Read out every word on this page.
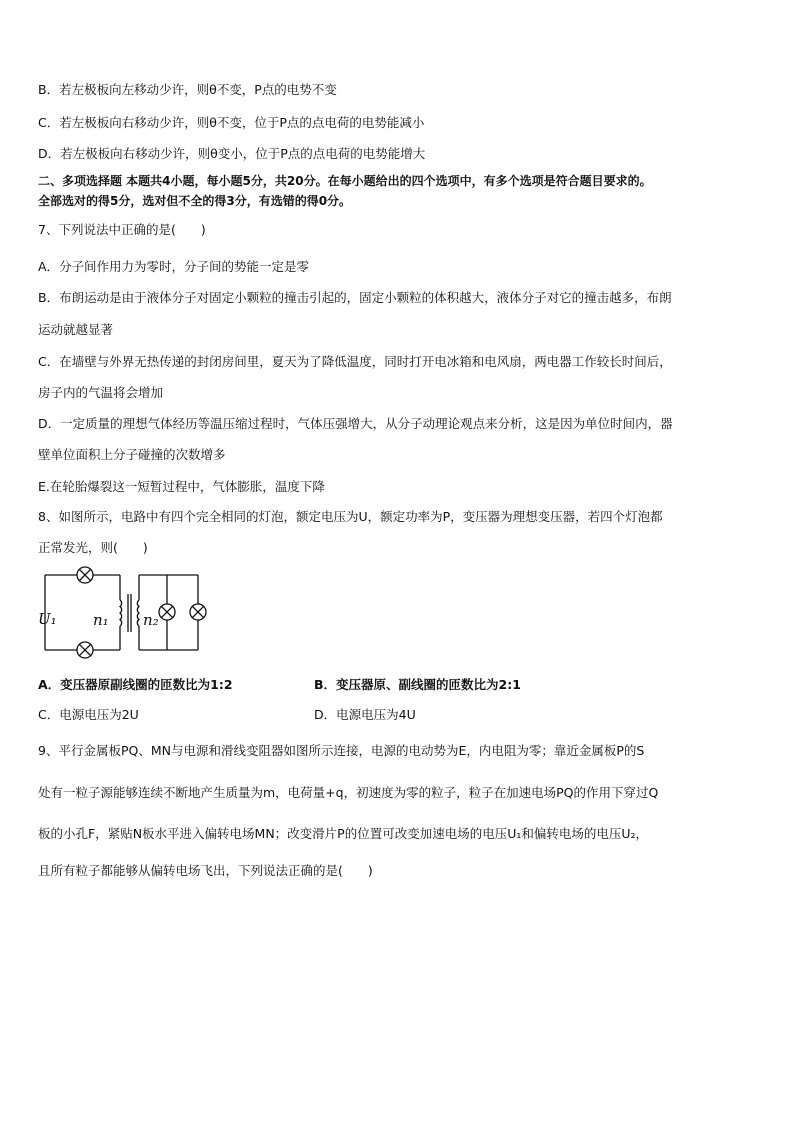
B．若左极板向左移动少许，则θ不变，P点的电势不变
C．若左极板向右移动少许，则θ不变，位于P点的点电荷的电势能减小
D．若左极板向右移动少许，则θ变小，位于P点的点电荷的电势能增大
二、多项选择题 本题共4小题，每小题5分，共20分。在每小题给出的四个选项中，有多个选项是符合题目要求的。
全部选对的得5分，选对但不全的得3分，有选错的得0分。
7、下列说法中正确的是(　　)
A．分子间作用力为零时，分子间的势能一定是零
B．布朗运动是由于液体分子对固定小颗粒的撞击引起的，固定小颗粒的体积越大，液体分子对它的撞击越多，布朗
运动就越显著
C．在墙壁与外界无热传递的封闭房间里，夏天为了降低温度，同时打开电冰箱和电风扇，两电器工作较长时间后，
房子内的气温将会增加
D．一定质量的理想气体经历等温压缩过程时，气体压强增大，从分子动理论观点来分析，这是因为单位时间内，器
壁单位面积上分子碰撞的次数增多
E.在轮胎爆裂这一短暂过程中，气体膨胀，温度下降
8、如图所示，电路中有四个完全相同的灯泡，额定电压为U，额定功率为P，变压器为理想变压器，若四个灯泡都
正常发光，则(　　)
U₁ n₁ n₂
A．变压器原副线圈的匝数比为1:2	B．变压器原、副线圈的匝数比为2:1
C．电源电压为2U	D．电源电压为4U
9、平行金属板PQ、MN与电源和滑线变阻器如图所示连接，电源的电动势为E，内电阻为零；靠近金属板P的S
处有一粒子源能够连续不断地产生质量为m，电荷量+q，初速度为零的粒子，粒子在加速电场PQ的作用下穿过Q
板的小孔F，紧贴N板水平进入偏转电场MN；改变滑片P的位置可改变加速电场的电压U₁和偏转电场的电压U₂，
且所有粒子都能够从偏转电场飞出，下列说法正确的是(　　)
